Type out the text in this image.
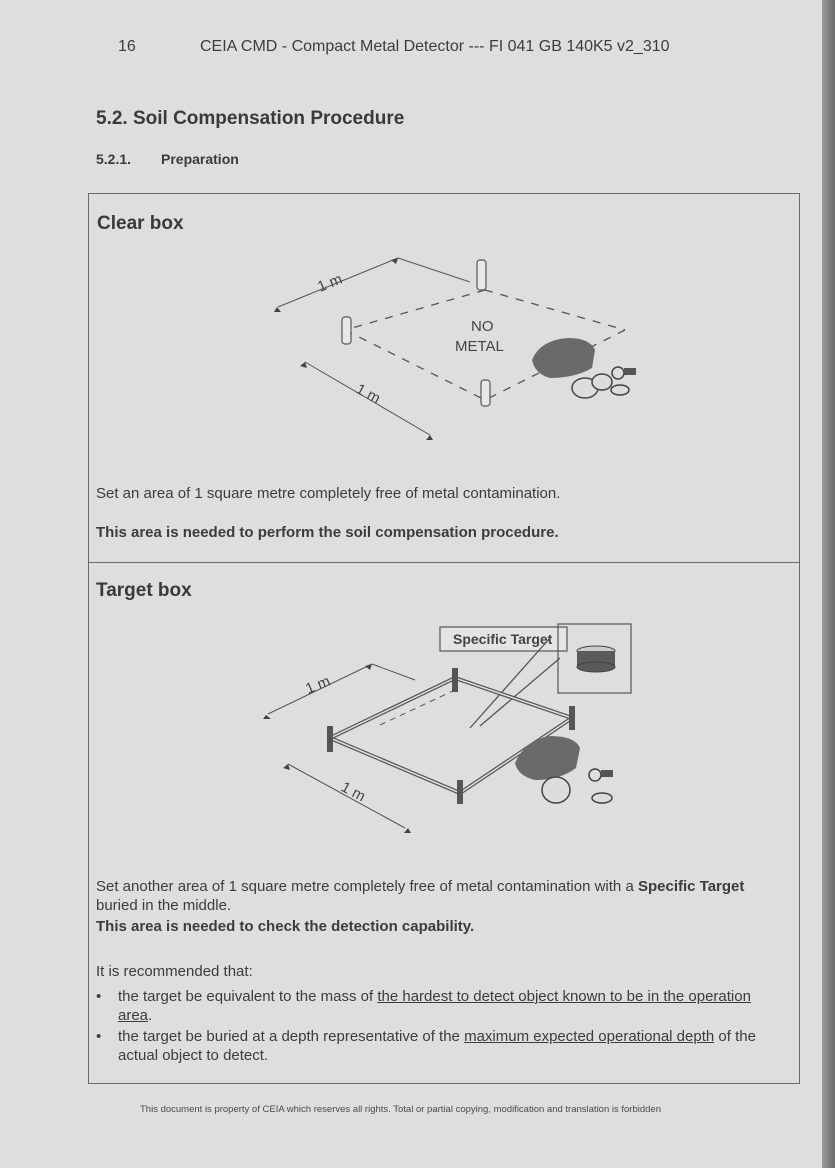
16	CEIA CMD - Compact Metal Detector --- FI 041 GB 140K5 v2_310
5.2. Soil Compensation Procedure
5.2.1. Preparation
Clear box
1 m
1 m
NO
METAL
Set an area of 1 square metre completely free of metal contamination.
This area is needed to perform the soil compensation procedure.
Target box
Specific Target
1 m
1 m
Set another area of 1 square metre completely free of metal contamination with a Specific Target buried in the middle.
This area is needed to check the detection capability.
It is recommended that:
• the target be equivalent to the mass of the hardest to detect object known to be in the operation area.
• the target be buried at a depth representative of the maximum expected operational depth of the actual object to detect.
This document is property of CEIA which reserves all rights. Total or partial copying, modification and translation is forbidden
